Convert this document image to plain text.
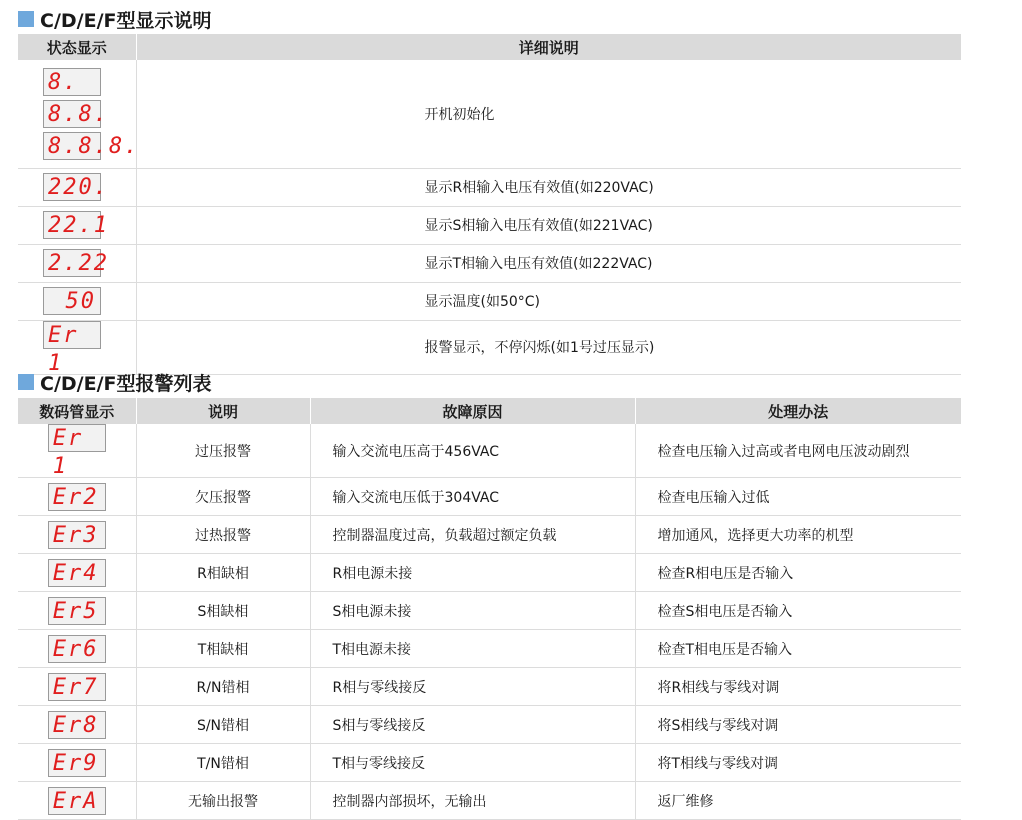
C/D/E/F型显示说明
状态显示	详细说明

8.
8.8.
8.8.8.	开机初始化
220.	显示R相输入电压有效值(如220VAC)
22.1	显示S相输入电压有效值(如221VAC)
2.22	显示T相输入电压有效值(如222VAC)
50	显示温度(如50°C)
Er 1	报警显示，不停闪烁(如1号过压显示)
C/D/E/F型报警列表
数码管显示	说明	故障原因	处理办法
Er 1	过压报警	输入交流电压高于456VAC	检查电压输入过高或者电网电压波动剧烈
Er2	欠压报警	输入交流电压低于304VAC	检查电压输入过低
Er3	过热报警	控制器温度过高，负载超过额定负载	增加通风，选择更大功率的机型
Er4	R相缺相	R相电源未接	检查R相电压是否输入
Er5	S相缺相	S相电源未接	检查S相电压是否输入
Er6	T相缺相	T相电源未接	检查T相电压是否输入
Er7	R/N错相	R相与零线接反	将R相线与零线对调
Er8	S/N错相	S相与零线接反	将S相线与零线对调
Er9	T/N错相	T相与零线接反	将T相线与零线对调
ErA	无输出报警	控制器内部损坏，无输出	返厂维修
